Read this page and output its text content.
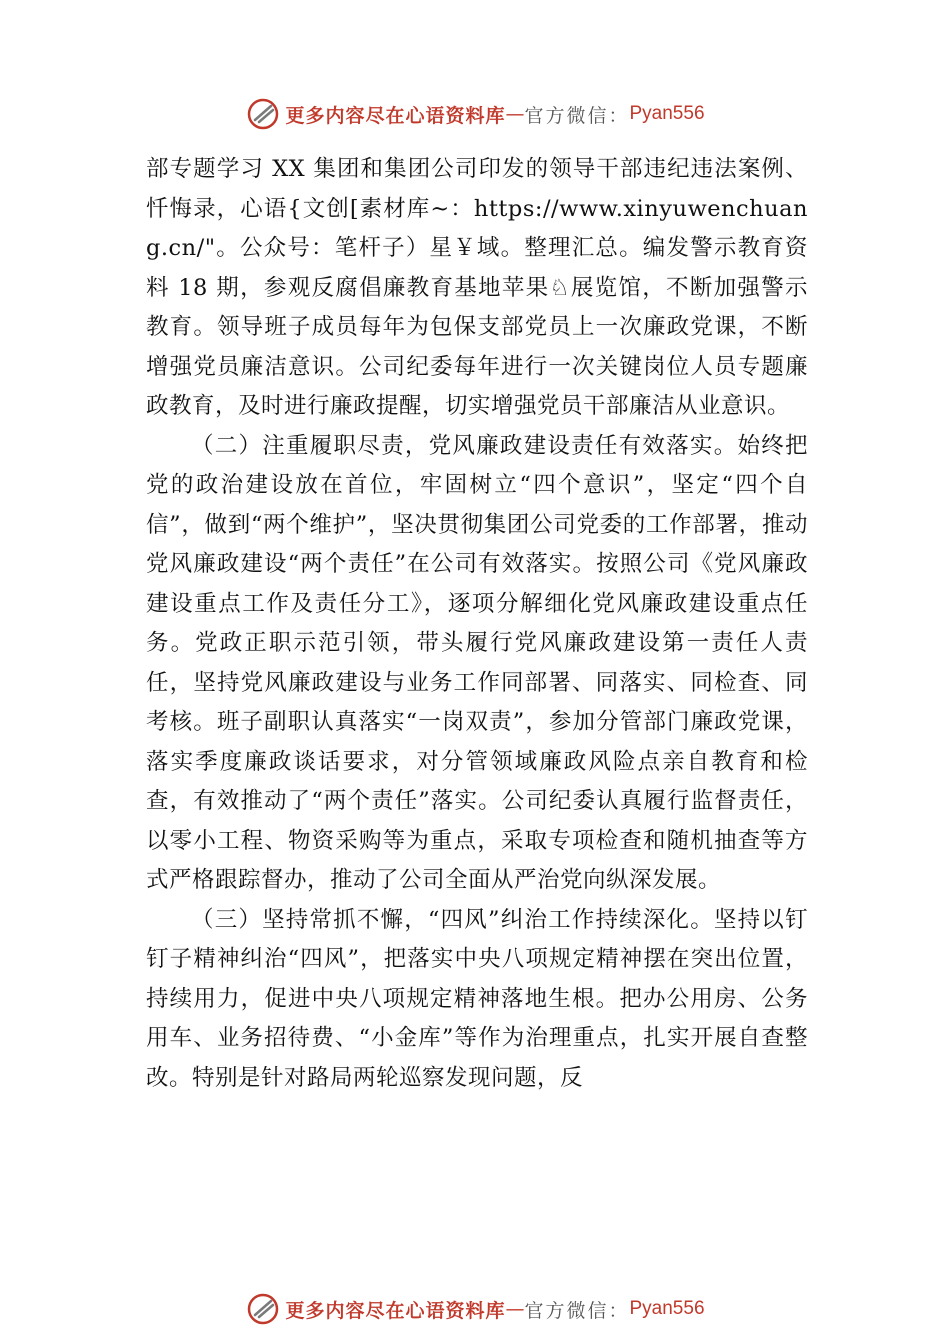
更多内容尽在心语资料库 — 官方微信： Pyan556

部专题学习 XX 集团和集团公司印发的领导干部违纪违法案例、忏悔录，心语{文创[素材库~：https://www.xinyuwenchuang.cn/"。公众号：笔杆子）星￥域。整理汇总。编发警示教育资料 18 期，参观反腐倡廉教育基地苹果♘展览馆，不断加强警示教育。领导班子成员每年为包保支部党员上一次廉政党课，不断增强党员廉洁意识。公司纪委每年进行一次关键岗位人员专题廉政教育，及时进行廉政提醒，切实增强党员干部廉洁从业意识。

（二）注重履职尽责，党风廉政建设责任有效落实。始终把党的政治建设放在首位，牢固树立“四个意识”，坚定“四个自信”，做到“两个维护”，坚决贯彻集团公司党委的工作部署，推动党风廉政建设“两个责任”在公司有效落实。按照公司《党风廉政建设重点工作及责任分工》，逐项分解细化党风廉政建设重点任务。党政正职示范引领，带头履行党风廉政建设第一责任人责任，坚持党风廉政建设与业务工作同部署、同落实、同检查、同考核。班子副职认真落实“一岗双责”，参加分管部门廉政党课，落实季度廉政谈话要求，对分管领域廉政风险点亲自教育和检查，有效推动了“两个责任”落实。公司纪委认真履行监督责任，以零小工程、物资采购等为重点，采取专项检查和随机抽查等方式严格跟踪督办，推动了公司全面从严治党向纵深发展。

（三）坚持常抓不懈，“四风”纠治工作持续深化。坚持以钉钉子精神纠治“四风”，把落实中央八项规定精神摆在突出位置，持续用力，促进中央八项规定精神落地生根。把办公用房、公务用车、业务招待费、“小金库”等作为治理重点，扎实开展自查整改。特别是针对路局两轮巡察发现问题，反

更多内容尽在心语资料库 — 官方微信： Pyan556
